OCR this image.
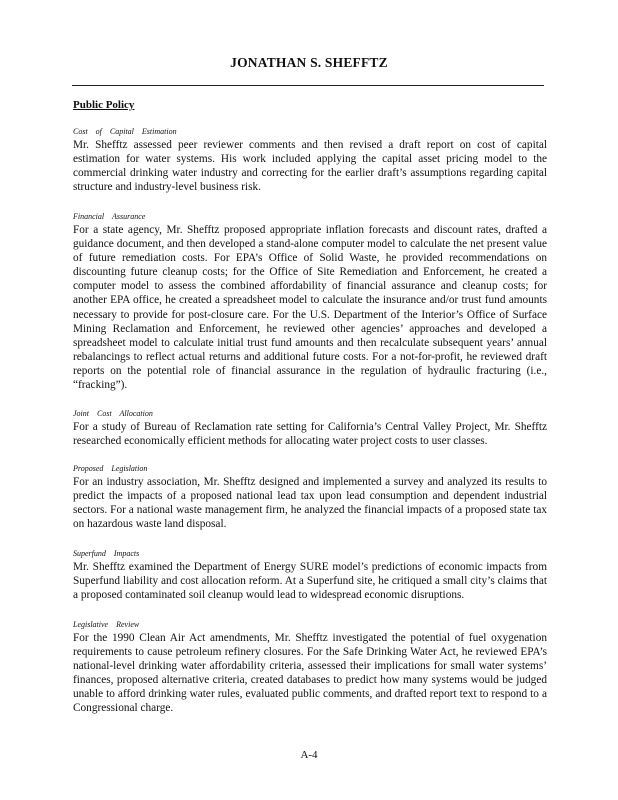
JONATHAN S. SHEFFTZ
Public Policy
Cost of Capital Estimation
Mr. Shefftz assessed peer reviewer comments and then revised a draft report on cost of capital estimation for water systems. His work included applying the capital asset pricing model to the commercial drinking water industry and correcting for the earlier draft’s assumptions regarding capital structure and industry-level business risk.
Financial Assurance
For a state agency, Mr. Shefftz proposed appropriate inflation forecasts and discount rates, drafted a guidance document, and then developed a stand-alone computer model to calculate the net present value of future remediation costs. For EPA’s Office of Solid Waste, he provided recommendations on discounting future cleanup costs; for the Office of Site Remediation and Enforcement, he created a computer model to assess the combined affordability of financial assurance and cleanup costs; for another EPA office, he created a spreadsheet model to calculate the insurance and/or trust fund amounts necessary to provide for post-closure care. For the U.S. Department of the Interior’s Office of Surface Mining Reclamation and Enforcement, he reviewed other agencies’ approaches and developed a spreadsheet model to calculate initial trust fund amounts and then recalculate subsequent years’ annual rebalancings to reflect actual returns and additional future costs. For a not-for-profit, he reviewed draft reports on the potential role of financial assurance in the regulation of hydraulic fracturing (i.e., “fracking”).
Joint Cost Allocation
For a study of Bureau of Reclamation rate setting for California’s Central Valley Project, Mr. Shefftz researched economically efficient methods for allocating water project costs to user classes.
Proposed Legislation
For an industry association, Mr. Shefftz designed and implemented a survey and analyzed its results to predict the impacts of a proposed national lead tax upon lead consumption and dependent industrial sectors. For a national waste management firm, he analyzed the financial impacts of a proposed state tax on hazardous waste land disposal.
Superfund Impacts
Mr. Shefftz examined the Department of Energy SURE model’s predictions of economic impacts from Superfund liability and cost allocation reform. At a Superfund site, he critiqued a small city’s claims that a proposed contaminated soil cleanup would lead to widespread economic disruptions.
Legislative Review
For the 1990 Clean Air Act amendments, Mr. Shefftz investigated the potential of fuel oxygenation requirements to cause petroleum refinery closures. For the Safe Drinking Water Act, he reviewed EPA’s national-level drinking water affordability criteria, assessed their implications for small water systems’ finances, proposed alternative criteria, created databases to predict how many systems would be judged unable to afford drinking water rules, evaluated public comments, and drafted report text to respond to a Congressional charge.
A-4
